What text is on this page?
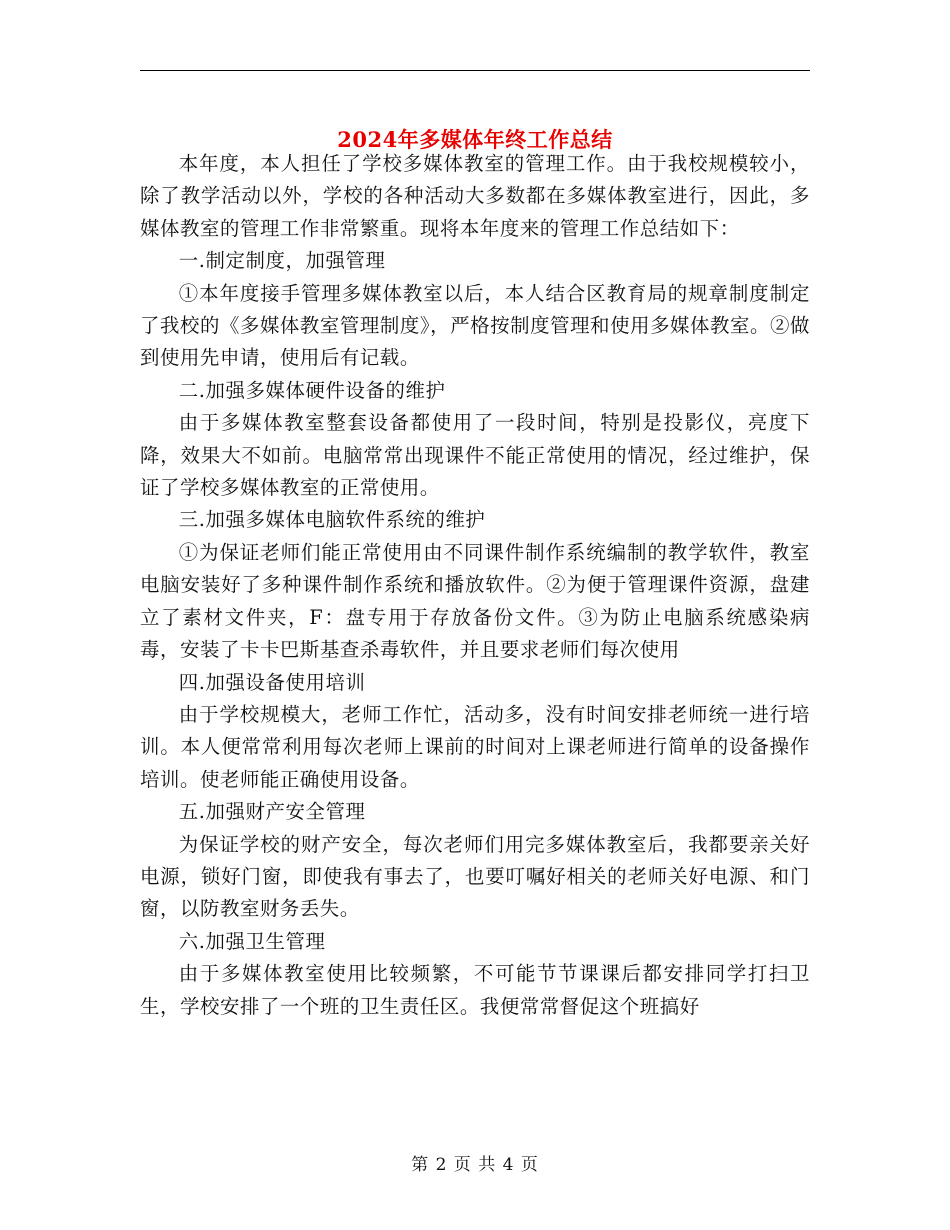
2024年多媒体年终工作总结

本年度，本人担任了学校多媒体教室的管理工作。由于我校规模较小，除了教学活动以外，学校的各种活动大多数都在多媒体教室进行，因此，多媒体教室的管理工作非常繁重。现将本年度来的管理工作总结如下：

一.制定制度，加强管理

①本年度接手管理多媒体教室以后，本人结合区教育局的规章制度制定了我校的《多媒体教室管理制度》，严格按制度管理和使用多媒体教室。②做到使用先申请，使用后有记载。

二.加强多媒体硬件设备的维护

由于多媒体教室整套设备都使用了一段时间，特别是投影仪，亮度下降，效果大不如前。电脑常常出现课件不能正常使用的情况，经过维护，保证了学校多媒体教室的正常使用。

三.加强多媒体电脑软件系统的维护

①为保证老师们能正常使用由不同课件制作系统编制的教学软件，教室电脑安装好了多种课件制作系统和播放软件。②为便于管理课件资源，盘建立了素材文件夹，F：盘专用于存放备份文件。③为防止电脑系统感染病毒，安装了卡卡巴斯基查杀毒软件，并且要求老师们每次使用

四.加强设备使用培训

由于学校规模大，老师工作忙，活动多，没有时间安排老师统一进行培训。本人便常常利用每次老师上课前的时间对上课老师进行简单的设备操作培训。使老师能正确使用设备。

五.加强财产安全管理

为保证学校的财产安全，每次老师们用完多媒体教室后，我都要亲关好电源，锁好门窗，即使我有事去了，也要叮嘱好相关的老师关好电源、和门窗，以防教室财务丢失。

六.加强卫生管理

由于多媒体教室使用比较频繁，不可能节节课课后都安排同学打扫卫生，学校安排了一个班的卫生责任区。我便常常督促这个班搞好

第 2 页 共 4 页
